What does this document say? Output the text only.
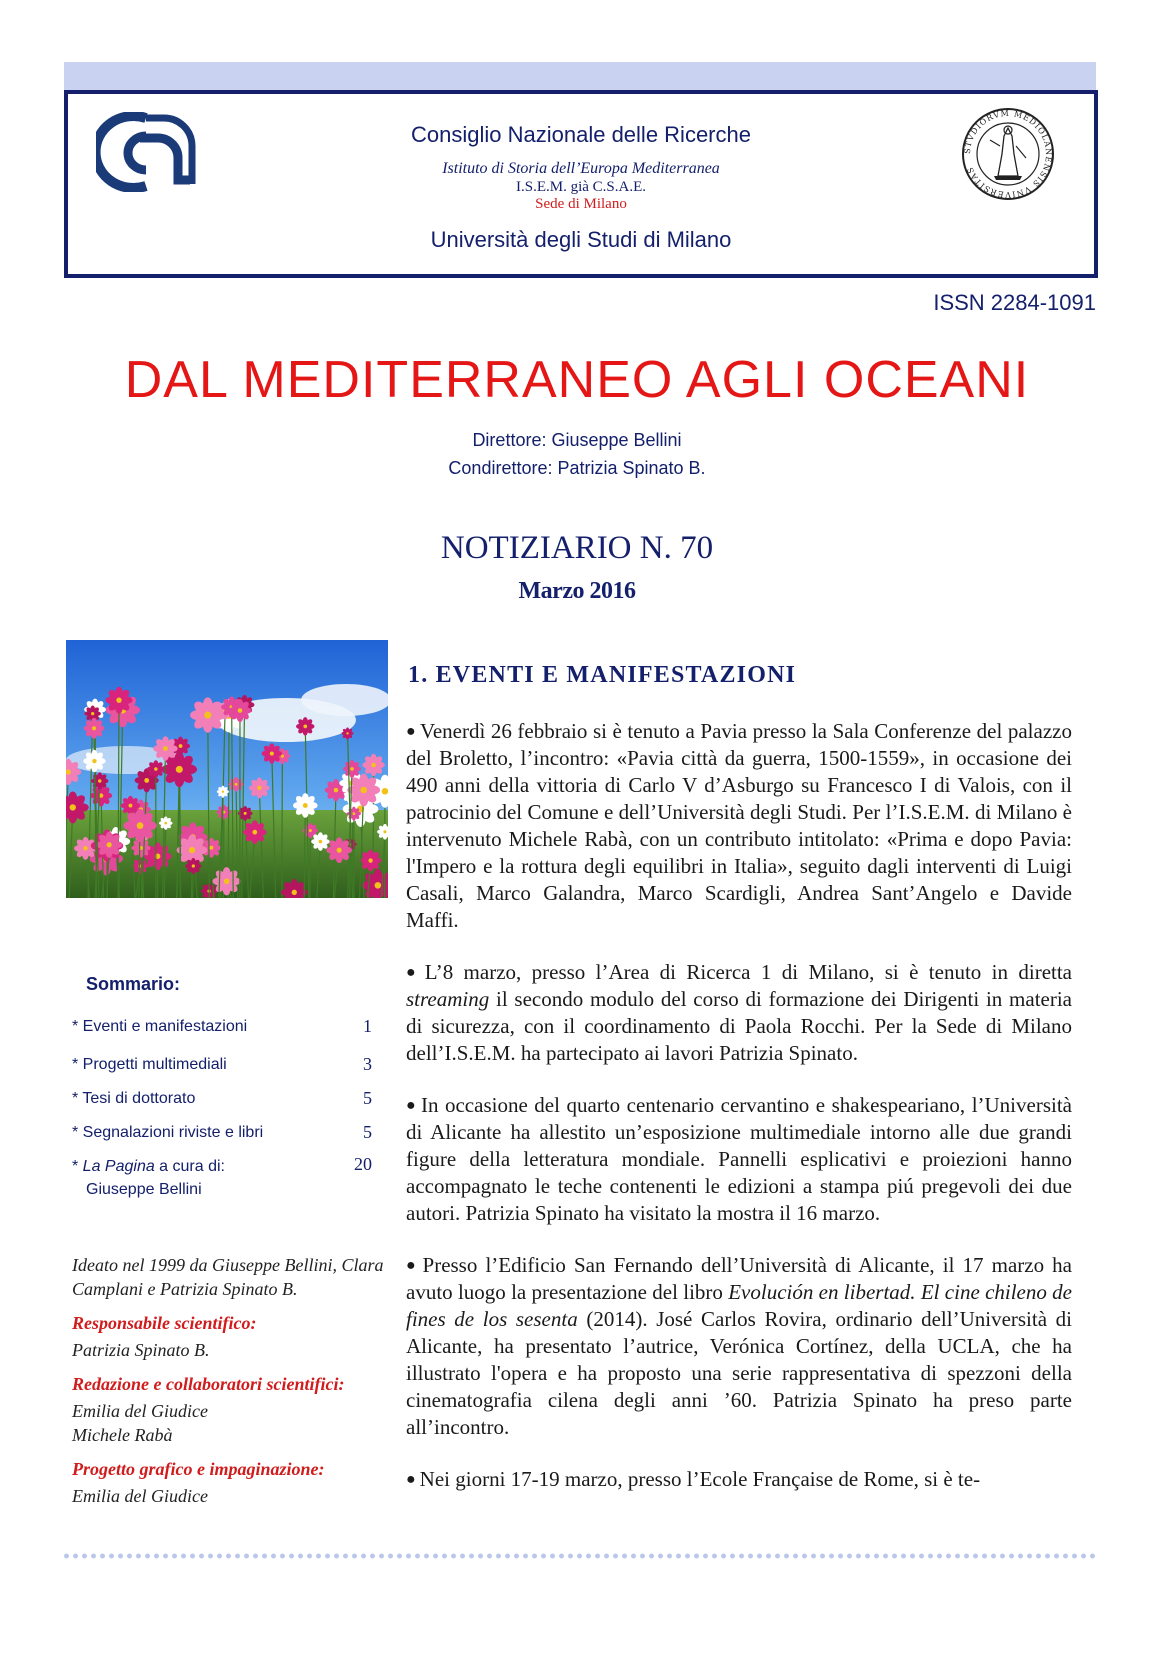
Consiglio Nazionale delle Ricerche
Istituto di Storia dell’Europa Mediterranea
I.S.E.M. già C.S.A.E.
Sede di Milano
Università degli Studi di Milano
STVDIORVM MEDIOLANENSIS VNIVERSITAS
ISSN 2284-1091
DAL MEDITERRANEO AGLI OCEANI
Direttore: Giuseppe Bellini
Condirettore: Patrizia Spinato B.
NOTIZIARIO N. 70
Marzo 2016
Sommario:
* Eventi e manifestazioni	1
* Progetti multimediali	3
* Tesi di dottorato	5
* Segnalazioni riviste e libri	5
* La Pagina a cura di:	20
Giuseppe Bellini
Ideato nel 1999 da Giuseppe Bellini, Clara Camplani e Patrizia Spinato B.
Responsabile scientifico:
Patrizia Spinato B.
Redazione e collaboratori scientifici:
Emilia del Giudice
Michele Rabà
Progetto grafico e impaginazione:
Emilia del Giudice
1. EVENTI E MANIFESTAZIONI

● Venerdì 26 febbraio si è tenuto a Pavia presso la Sala Conferenze del palazzo del Broletto, l’incontro: «Pavia città da guerra, 1500-1559», in occasione dei 490 anni della vittoria di Carlo V d’Asburgo su Francesco I di Valois, con il patrocinio del Comune e dell’Università degli Studi. Per l’I.S.E.M. di Milano è intervenuto Michele Rabà, con un contributo intitolato: «Prima e dopo Pavia: l'Impero e la rottura degli equilibri in Italia», seguito dagli interventi di Luigi Casali, Marco Galandra, Marco Scardigli, Andrea Sant’Angelo e Davide Maffi.

● L’8 marzo, presso l’Area di Ricerca 1 di Milano, si è tenuto in diretta streaming il secondo modulo del corso di formazione dei Dirigenti in materia di sicurezza, con il coordinamento di Paola Rocchi. Per la Sede di Milano dell’I.S.E.M. ha partecipato ai lavori Patrizia Spinato.

● In occasione del quarto centenario cervantino e shakespeariano, l’Università di Alicante ha allestito un’esposizione multimediale intorno alle due grandi figure della letteratura mondiale. Pannelli esplicativi e proiezioni hanno accompagnato le teche contenenti le edizioni a stampa piú pregevoli dei due autori. Patrizia Spinato ha visitato la mostra il 16 marzo.

● Presso l’Edificio San Fernando dell’Università di Alicante, il 17 marzo ha avuto luogo la presentazione del libro Evolución en libertad. El cine chileno de fines de los sesenta (2014). José Carlos Rovira, ordinario dell’Università di Alicante, ha presentato l’autrice, Verónica Cortínez, della UCLA, che ha illustrato l'opera e ha proposto una serie rappresentativa di spezzoni della cinematografia cilena degli anni ’60. Patrizia Spinato ha preso parte all’incontro.

● Nei giorni 17-19 marzo, presso l’Ecole Française de Rome, si è te-
